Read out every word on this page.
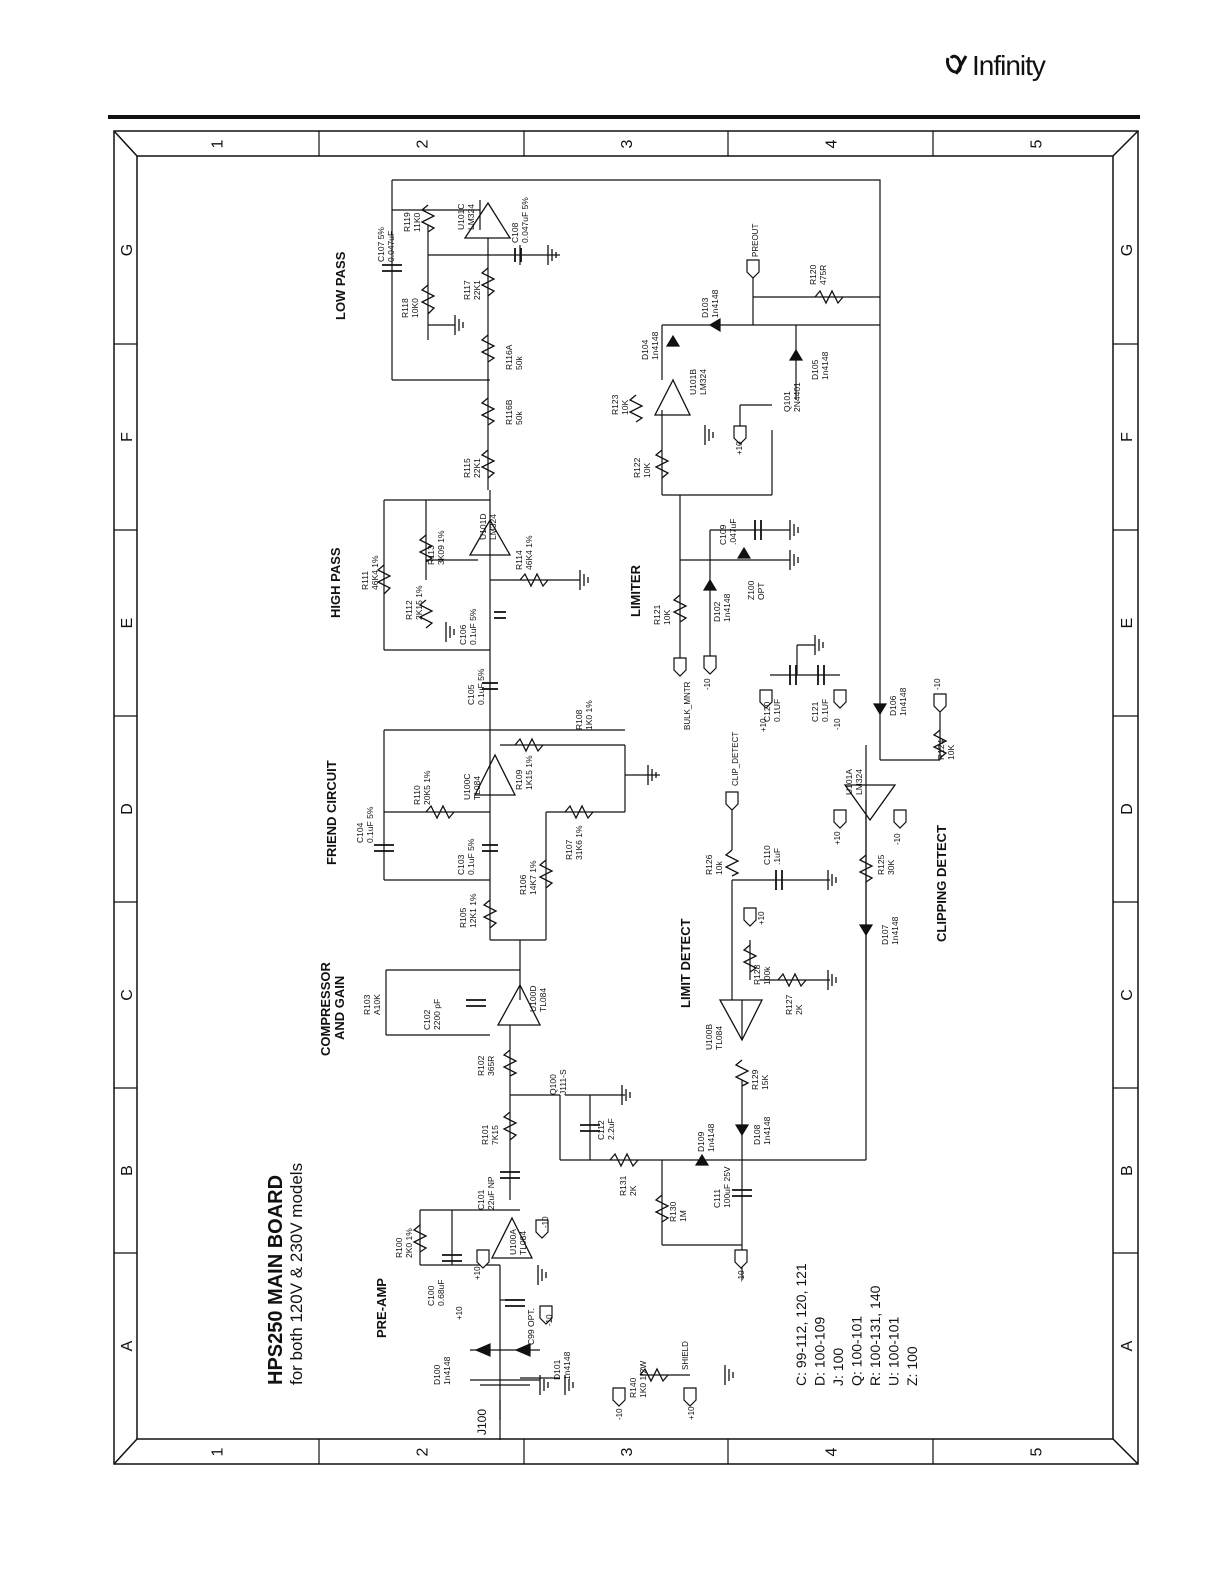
Infinity
1
1
2
2
3
3
4
4
5
5
G	G
F	F
E	E
D	D
C	C
B	B
A	A
HPS250 MAIN BOARD for both 120V & 230V models
LOW PASS
HIGH PASS
FRIEND CIRCUIT
COMPRESSOR AND GAIN
PRE-AMP
LIMITER
LIMIT DETECT
CLIPPING DETECT
R119 11K0
C107 5% 0.047uF
R118 10K0
U101C LM324
C108 0.047uF 5%
R117 22K1
R116A 50k
R116B 50k
R115 22K1
U101D LM324
R111 46K4 1%
R113 3K09 1%
R112 2K15 1%
R114 46K4 1%
C106 0.1uF 5%
C105 0.1uF 5%
R108 1K0 1%
U100C TL084	R109 1K15 1%
R110 20K5 1%
C104 0.1uF 5%
C103 0.1uF 5%	R107 31K6 1%
R106 14K7 1%
R105 12K1 1%
R103 A10K
C102 2200 pF
U100D TL084
R102 365R
Q100 J111-S
R101 7K15	C112 2.2uF
C101 22uF NP
R100 2K0 1%	U100A TL084
C100 0.68uF
C99 OPT.
D100 1n4148	D101 1n4148
R140 1K0 1/2W
R131 2K
R130 1M
C111 100uF 25V
D109 1n4148	D108 1n4148
R129 15K
U100B TL084
R127 2K
R128 100k
R126 10k
C110 .1uF
D107 1n4148
R125 30K
U101A LM324
R124 10K
D106 1n4148
C120 0.1UF	C121 0.1UF
R121 10K	D102 1n4148
Z100 OPT
C109 .047uF
R122 10K
R123 10K
U101B LM324
D104 1n4148
D103 1n4148
Q101 2N4401
D105 1n4148
R120 475R
PREOUT
BULK_MNTR
CLIP_DETECT
SHIELD
J100
+10
+10	-10
+10	-10
-10
-10
+10
-10
+10
-10
+10
-10
-10	+10
C: 99-112, 120, 121 D: 100-109 J: 100 Q: 100-101 R: 100-131, 140 U: 100-101 Z: 100
